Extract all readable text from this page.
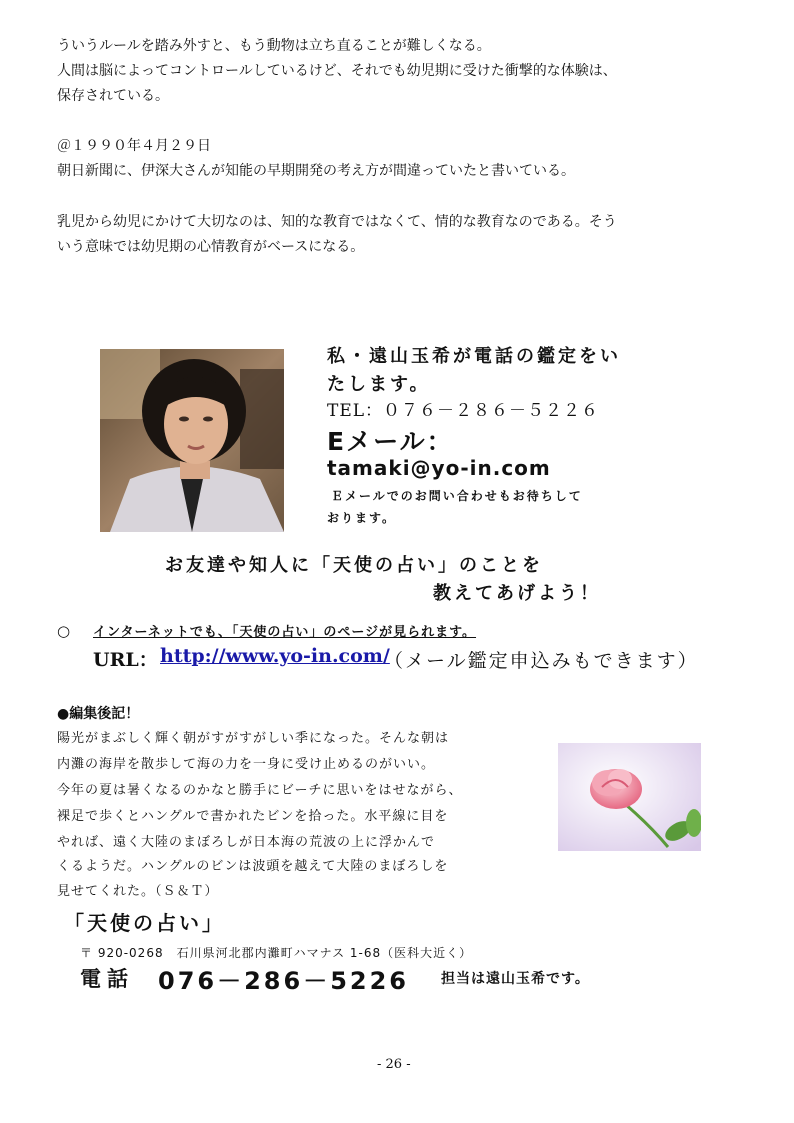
ういうルールを踏み外すと、もう動物は立ち直ることが難しくなる。

人間は脳によってコントロールしているけど、それでも幼児期に受けた衝撃的な体験は、

保存されている。

＠１９９０年４月２９日

朝日新聞に、伊深大さんが知能の早期開発の考え方が間違っていたと書いている。

乳児から幼児にかけて大切なのは、知的な教育ではなくて、情的な教育なのである。そう

いう意味では幼児期の心情教育がベースになる。

私・遠山玉希が電話の鑑定をい

たします。

TEL：０７６－２８６－５２２６

Eメール：

tamaki@yo-in.com

Ｅメールでのお問い合わせもお待ちして

おります。

お友達や知人に「天使の占い」のことを

教えてあげよう！

○ インターネットでも、「天使の占い」のページが見られます。

URL： http://www.yo-in.com/

（メール鑑定申込みもできます）

●編集後記！

陽光がまぶしく輝く朝がすがすがしい季になった。そんな朝は

内灘の海岸を散歩して海の力を一身に受け止めるのがいい。

今年の夏は暑くなるのかなと勝手にビーチに思いをはせながら、

裸足で歩くとハングルで書かれたビンを拾った。水平線に目を

やれば、遠く大陸のまぼろしが日本海の荒波の上に浮かんで

くるようだ。ハングルのビンは波頭を越えて大陸のまぼろしを

見せてくれた。（Ｓ＆Ｔ）

「天使の占い」

〒 920-0268　石川県河北郡内灘町ハマナス 1-68（医科大近く）

電話 076－286－5226 担当は遠山玉希です。

- 26 -
